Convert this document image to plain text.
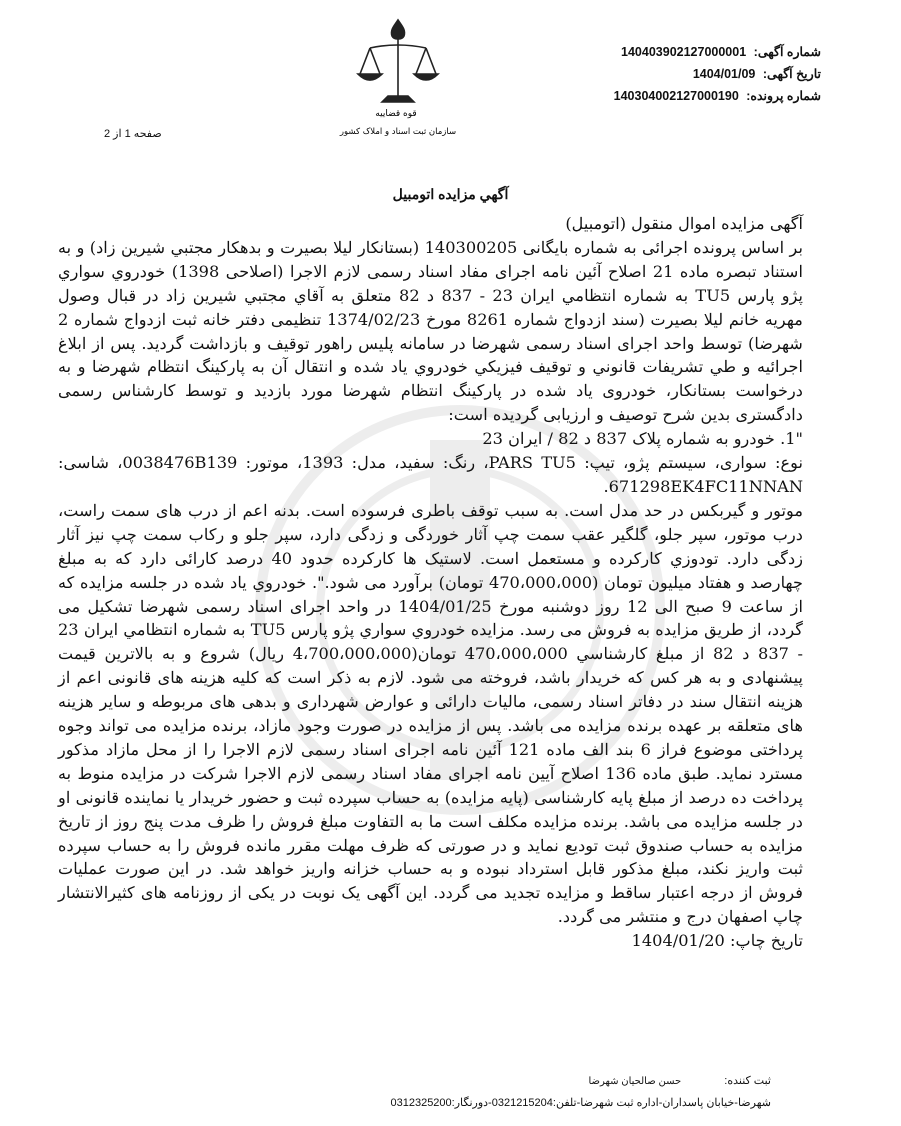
شماره آگهی: 140403902127000001
تاریخ آگهی: 1404/01/09
شماره پرونده: 140304002127000190
قوه قضاییه
سازمان ثبت اسناد و املاک کشور
صفحه 1 از 2
آگهي مزايده اتومبيل

آگهی مزایده اموال منقول (اتومبیل)

بر اساس پرونده اجرائی به شماره بایگانی 140300205 (بستانکار لیلا بصیرت و بدهکار مجتبي شيرين زاد) و به استناد تبصره ماده 21 اصلاح آئین نامه اجرای مفاد اسناد رسمی لازم الاجرا (اصلاحی 1398) خودروي سواري پژو پارس TU5 به شماره انتظامي ايران 23 - 837 د 82 متعلق به آقاي مجتبي شيرين زاد در قبال وصول مهريه خانم ليلا بصيرت (سند ازدواج شماره 8261 مورخ 1374/02/23 تنظیمی دفتر خانه ثبت ازدواج شماره 2 شهرضا) توسط واحد اجرای اسناد رسمی شهرضا در سامانه پلیس راهور توقیف و بازداشت گردید. پس از ابلاغ اجرائیه و طي تشريفات قانوني و توقیف فيزيكي خودروي ياد شده و انتقال آن به پاركينگ انتظام شهرضا و به درخواست بستانكار، خودروی یاد شده در پارکینگ انتظام شهرضا مورد بازدید و توسط کارشناس رسمی دادگستری بدین شرح توصیف و ارزیابی گردیده است:

"1. خودرو به شماره پلاک 837 د 82 / ایران 23

نوع: سواری، سیستم پژو، تیپ: PARS TU5، رنگ: سفید، مدل: 1393، موتور: 0038476B139، شاسی: 671298EK4FC11NNAN.

موتور و گیربکس در حد مدل است. به سبب توقف باطری فرسوده است. بدنه اعم از درب های سمت راست، درب موتور، سپر جلو، گلگیر عقب سمت چپ آثار خوردگی و زدگی دارد، سپر جلو و رکاب سمت چپ نیز آثار زدگی دارد. تودوزي كاركرده و مستعمل است. لاستیک ها کارکرده حدود 40 درصد کارائی دارد که به مبلغ چهارصد و هفتاد میلیون تومان (470،000،000 تومان) برآورد می شود.". خودروي ياد شده در جلسه مزايده كه از ساعت 9 صبح الی 12 روز دوشنبه مورخ 1404/01/25 در واحد اجرای اسناد رسمی شهرضا تشکیل می گردد، از طریق مزایده به فروش می رسد. مزایده خودروي سواري پژو پارس TU5 به شماره انتظامي ايران 23 - 837 د 82 از مبلغ كارشناسي 470،000،000 تومان(4،700،000،000 ريال) شروع و به بالاترین قیمت پیشنهادی و به هر کس که خریدار باشد، فروخته می شود. لازم به ذکر است که کلیه هزینه های قانونی اعم از هزینه انتقال سند در دفاتر اسناد رسمی، مالیات دارائی و عوارض شهرداری و بدهی های مربوطه و سایر هزینه های متعلقه بر عهده برنده مزایده می باشد. پس از مزایده در صورت وجود مازاد، برنده مزایده می تواند وجوه پرداختی موضوع فراز 6 بند الف ماده 121 آئین نامه اجرای اسناد رسمی لازم الاجرا را از محل مازاد مذکور مسترد نماید. طبق ماده 136 اصلاح آیین نامه اجرای مفاد اسناد رسمی لازم الاجرا شرکت در مزایده منوط به پرداخت ده درصد از مبلغ پایه کارشناسی (پایه مزایده) به حساب سپرده ثبت و حضور خریدار یا نماینده قانونی او در جلسه مزایده می باشد. برنده مزایده مکلف است ما به التفاوت مبلغ فروش را ظرف مدت پنج روز از تاریخ مزایده به حساب صندوق ثبت تودیع نماید و در صورتی که ظرف مهلت مقرر مانده فروش را به حساب سپرده ثبت واریز نکند، مبلغ مذکور قابل استرداد نبوده و به حساب خزانه واریز خواهد شد. در این صورت عملیات فروش از درجه اعتبار ساقط و مزایده تجدید می گردد. این آگهی یک نوبت در یکی از روزنامه های کثیرالانتشار چاپ اصفهان درج و منتشر می گردد.

تاریخ چاپ: 1404/01/20

ثبت کننده: حسن صالحیان شهرضا
شهرضا-خیابان پاسداران-اداره ثبت شهرضا-تلفن:0321215204-دورنگار:0312325200
